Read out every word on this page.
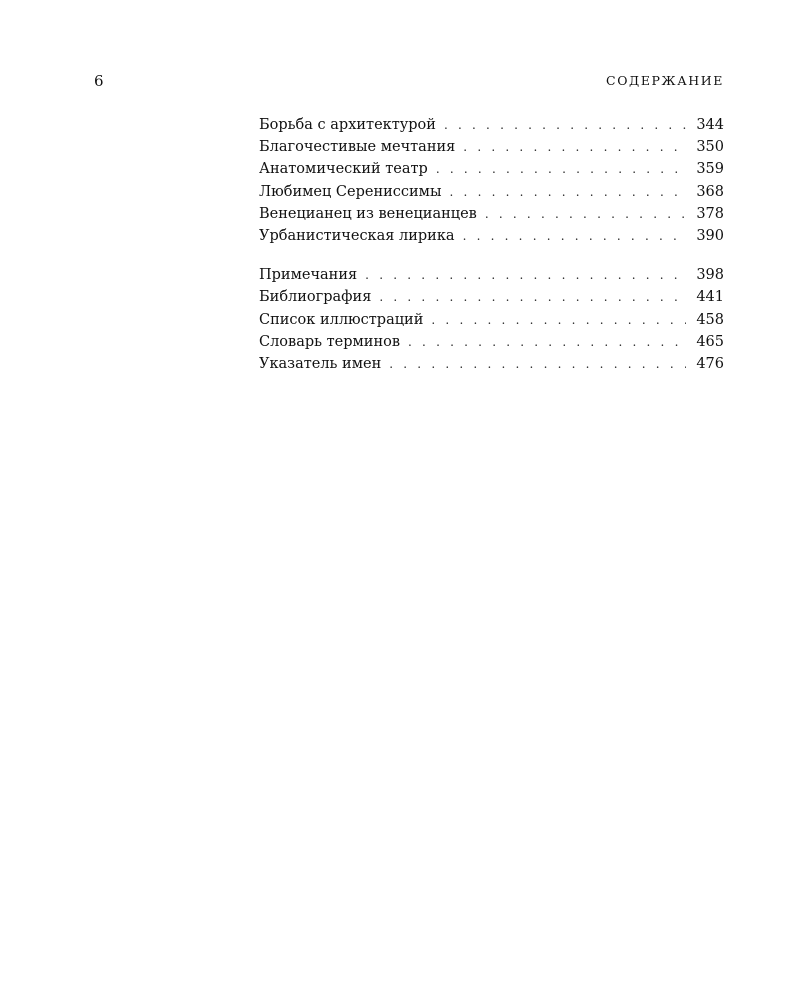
6	СОДЕРЖАНИЕ
Борьба с архитектурой . . .	344
Благочестивые мечтания . . .	350
Анатомический театр . . .	359
Любимец Серениссимы . . .	368
Венецианец из венецианцев . . .	378
Урбанистическая лирика . . .	390
Примечания . . .	398
Библиография . . .	441
Список иллюстраций . . .	458
Словарь терминов . . .	465
Указатель имен . . .	476
